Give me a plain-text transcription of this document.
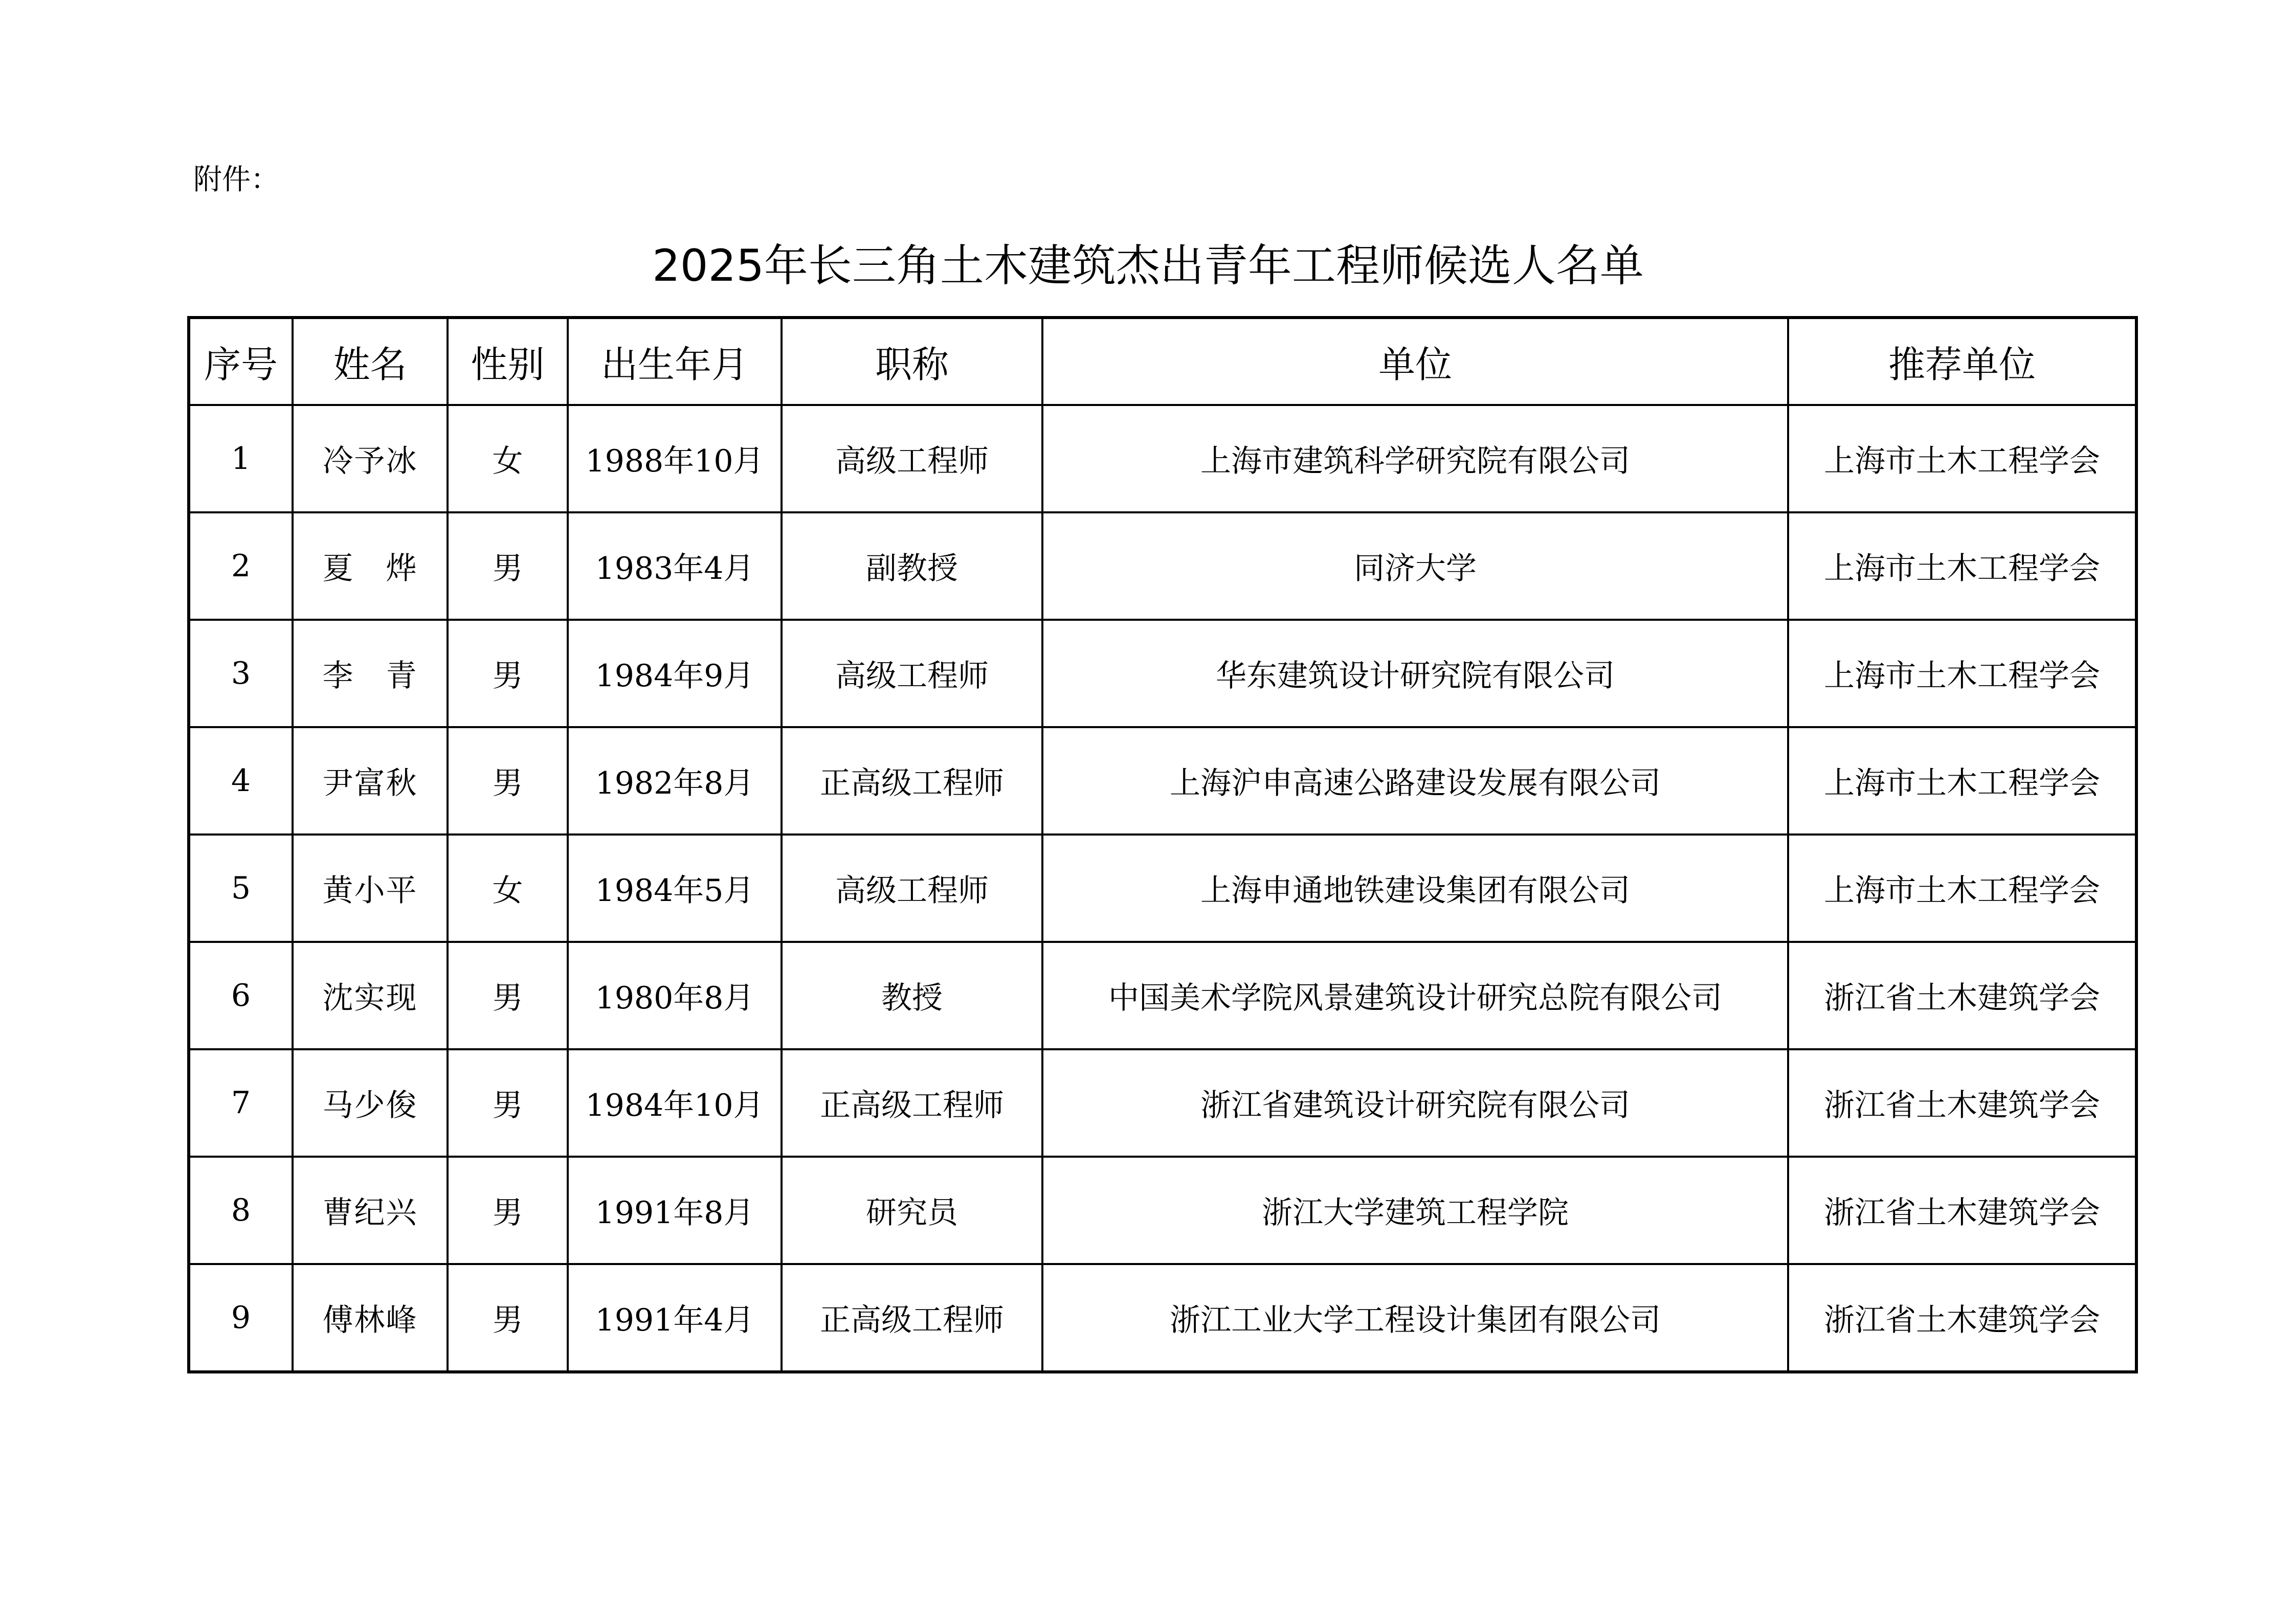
附件：
2025年长三角土木建筑杰出青年工程师候选人名单
序号	姓名	性别	出生年月	职称	单位	推荐单位
1	冷予冰	女	1988年10月	高级工程师	上海市建筑科学研究院有限公司	上海市土木工程学会
2	夏　烨	男	1983年4月	副教授	同济大学	上海市土木工程学会
3	李　青	男	1984年9月	高级工程师	华东建筑设计研究院有限公司	上海市土木工程学会
4	尹富秋	男	1982年8月	正高级工程师	上海沪申高速公路建设发展有限公司	上海市土木工程学会
5	黄小平	女	1984年5月	高级工程师	上海申通地铁建设集团有限公司	上海市土木工程学会
6	沈实现	男	1980年8月	教授	中国美术学院风景建筑设计研究总院有限公司	浙江省土木建筑学会
7	马少俊	男	1984年10月	正高级工程师	浙江省建筑设计研究院有限公司	浙江省土木建筑学会
8	曹纪兴	男	1991年8月	研究员	浙江大学建筑工程学院	浙江省土木建筑学会
9	傅林峰	男	1991年4月	正高级工程师	浙江工业大学工程设计集团有限公司	浙江省土木建筑学会
